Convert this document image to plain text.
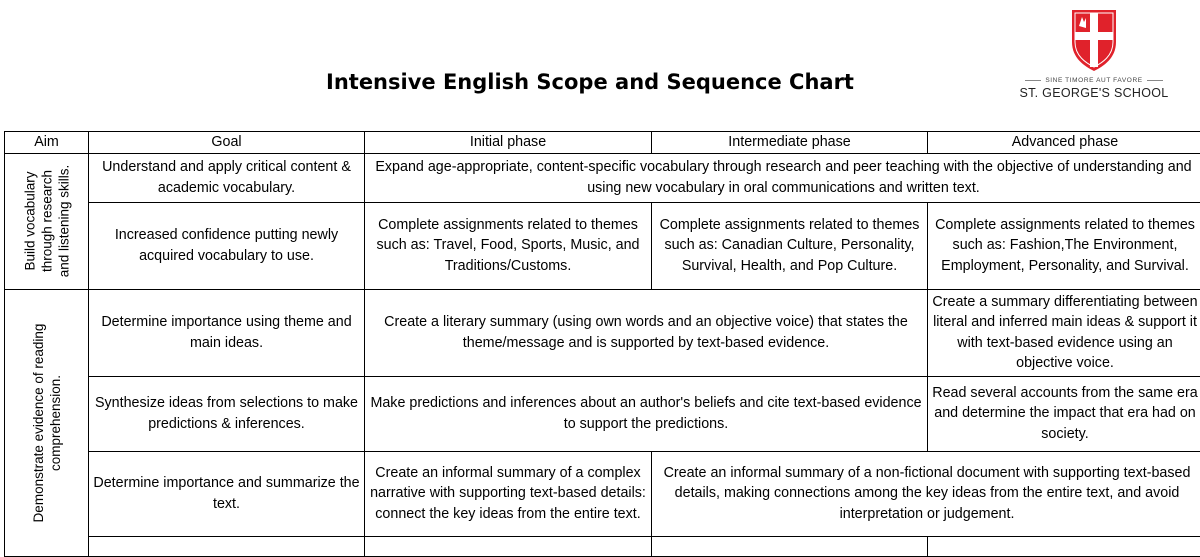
Intensive English Scope and Sequence Chart	SINE TIMORE AUT FAVORE
ST. GEORGE'S SCHOOL
Aim	Goal	Initial phase	Intermediate phase	Advanced phase	

Build vocabulary through research and listening skills.	Understand and apply critical content & academic vocabulary.	Expand age-appropriate, content-specific vocabulary through research and peer teaching with the objective of understanding and using new vocabulary in oral communications and written text.			
	Increased confidence putting newly acquired vocabulary to use.	Complete assignments related to themes such as: Travel, Food, Sports, Music, and Traditions/Customs.	Complete assignments related to themes such as: Canadian Culture, Personality, Survival, Health, and Pop Culture.	Complete assignments related to themes such as: Fashion,The Environment, Employment, Personality, and Survival.	

Demonstrate evidence of reading comprehension.	Determine importance using theme and main ideas.	Create a literary summary (using own words and an objective voice) that states the theme/message and is supported by text-based evidence.		Create a summary differentiating between literal and inferred main ideas & support it with text-based evidence using an objective voice.	
	Synthesize ideas from selections to make predictions & inferences.	Make predictions and inferences about an author's beliefs and cite text-based evidence to support the predictions.		Read several accounts from the same era and determine the impact that era had on society.	
	Determine importance and summarize the text.	Create an informal summary of a complex narrative with supporting text-based details: connect the key ideas from the entire text.	Create an informal summary of a non-fictional document with supporting text-based details, making connections among the key ideas from the entire text, and avoid interpretation or judgement.		
